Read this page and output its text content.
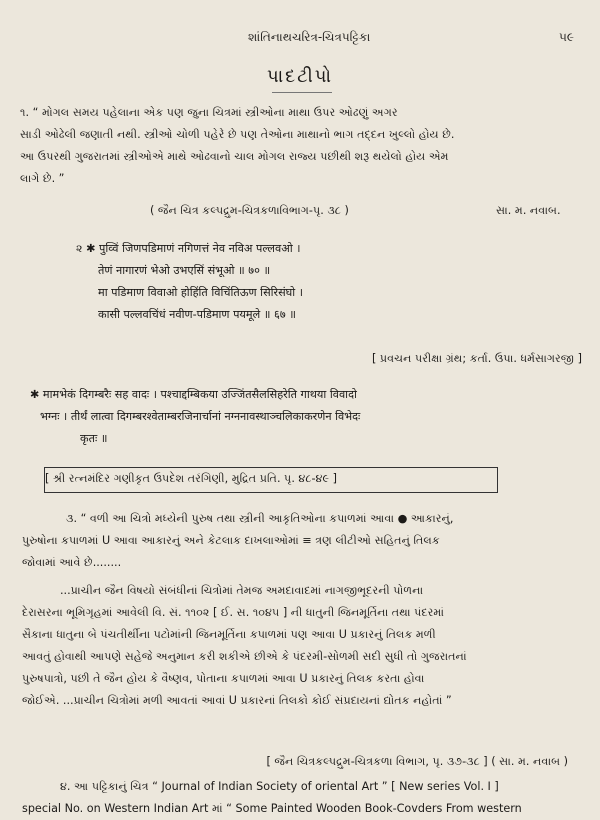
શાંતિનાથચરિત્ર-ચિત્રપટ્ટિકા	૫૯
પાદટીપો
૧. “ મોગલ સમય પહેલાના એક પણ જુના ચિત્રમાં સ્ત્રીઓના માથા ઉપર ઓઢણું અગર
સાડી ઓઢેલી જણાતી નથી. સ્ત્રીઓ ચોળી પહેરે છે પણ તેઓના માથાનો ભાગ તદ્દન ખુલ્લો હોય છે.
આ ઉપરથી ગુજરાતમાં સ્ત્રીઓએ માથે ઓઢવાનો ચાલ મોગલ રાજ્ય પછીથી શરૂ થયેલો હોય એમ
લાગે છે. ”
( જૈન ચિત્ર કલ્પદ્રુમ-ચિત્રકળાવિભાગ-પૃ. ૩૮ )	સા. મ. નવાબ.
૨ ✱ पुव्विं जिणपडिमाणं नगिणत्तं नेव नविअ पल्लवओ ।
तेणं नागारणं भेओ उभएसिं संभूओ ॥ ७० ॥
मा पडिमाण विवाओ होहिंति विचिंतिऊण सिरिसंघो ।
कासी पल्लवचिंधं नवीण-पडिमाण पयमूले ॥ ६७ ॥
[ પ્રવચન પરીક્ષા ગ્રંથ; કર્તા. ઉપા. ધર્મસાગરજી ]
✱ मामभेकं दिगम्बरैः सह वादः । पश्चाद्दम्बिकया उज्जिंतसैलसिहरेति गाथया विवादो
भग्नः । तीर्थं लात्वा दिगम्बरश्वेताम्बरजिनार्चानां नग्ननावस्थाञ्चलिकाकरणेन विभेदः
कृतः ॥
[ શ્રી રત્નમંદિર ગણીકૃત ઉપદેશ તરંગિણી, મુદ્રિત પ્રતિ. પૃ. ૪૮-૪૯ ]
૩. “ વળી આ ચિત્રો મધ્યેની પુરુષ તથા સ્ત્રીની આકૃતિઓના કપાળમાં આવા ● આકારનું,
પુરુષોના કપાળમાં U આવા આકારનું અને કેટલાક દાખલાઓમાં ≡ ત્રણ લીટીઓ સહિતનું તિલક
જોવામાં આવે છે........
...પ્રાચીન જૈન વિષયો સંબંધીનાં ચિત્રોમાં તેમજ અમદાવાદમાં નાગજીભૂદરની પોળના
દેરાસરના ભૂમિગૃહમાં આવેલી વિ. સં. ૧૧૦૨ [ ઈ. સ. ૧૦૪૫ ] ની ધાતુની જિનમૂર્તિના તથા પંદરમાં
સૈકાના ધાતુના બે પંચતીર્થીના પટોમાંની જિનમૂર્તિના કપાળમાં પણ આવા U પ્રકારનું તિલક મળી
આવતું હોવાથી આપણે સહેજે અનુમાન કરી શકીએ છીએ કે પંદરમી-સોળમી સદી સુધી તો ગુજરાતનાં
પુરુષપાત્રો, પછી તે જૈન હોય કે વૈષ્ણવ, પોતાના કપાળમાં આવા U પ્રકારનું તિલક કરતા હોવા
જોઈએ. ...પ્રાચીન ચિત્રોમાં મળી આવતાં આવાં U પ્રકારનાં તિલકો કોઈ સંપ્રદાયનાં દ્યોતક નહોતાં ”
[ જૈન ચિત્રકલ્પદ્રુમ-ચિત્રકળા વિભાગ, પૃ. ૩૭-૩૮ ] ( સા. મ. નવાબ )
૪. આ પટ્ટિકાનું ચિત્ર “ Journal of Indian Society of oriental Art ” [ New series Vol. I ]
special No. on Western Indian Art માં “ Some Painted Wooden Book-Covders From western
